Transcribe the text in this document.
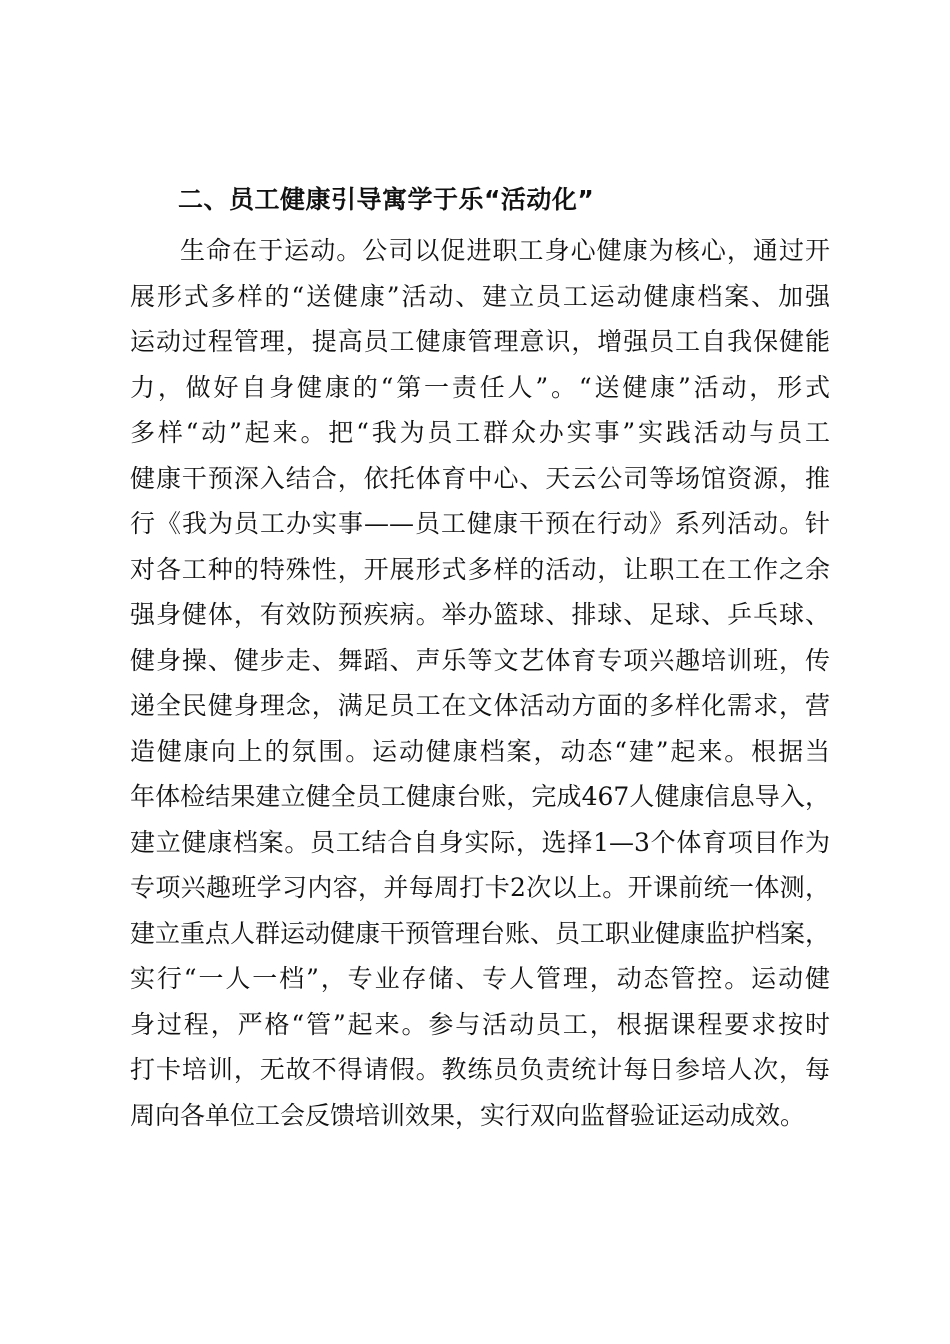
二、员工健康引导寓学于乐“活动化”
生命在于运动。公司以促进职工身心健康为核心，通过开
展形式多样的“送健康”活动、建立员工运动健康档案、加强
运动过程管理，提高员工健康管理意识，增强员工自我保健能
力，做好自身健康的“第一责任人”。“送健康”活动，形式
多样“动”起来。把“我为员工群众办实事”实践活动与员工
健康干预深入结合，依托体育中心、天云公司等场馆资源，推
行《我为员工办实事——员工健康干预在行动》系列活动。针
对各工种的特殊性，开展形式多样的活动，让职工在工作之余
强身健体，有效防预疾病。举办篮球、排球、足球、乒乓球、
健身操、健步走、舞蹈、声乐等文艺体育专项兴趣培训班，传
递全民健身理念，满足员工在文体活动方面的多样化需求，营
造健康向上的氛围。运动健康档案，动态“建”起来。根据当
年体检结果建立健全员工健康台账，完成467人健康信息导入，
建立健康档案。员工结合自身实际，选择1—3个体育项目作为
专项兴趣班学习内容，并每周打卡2次以上。开课前统一体测，
建立重点人群运动健康干预管理台账、员工职业健康监护档案，
实行“一人一档”，专业存储、专人管理，动态管控。运动健
身过程，严格“管”起来。参与活动员工，根据课程要求按时
打卡培训，无故不得请假。教练员负责统计每日参培人次，每
周向各单位工会反馈培训效果，实行双向监督验证运动成效。
